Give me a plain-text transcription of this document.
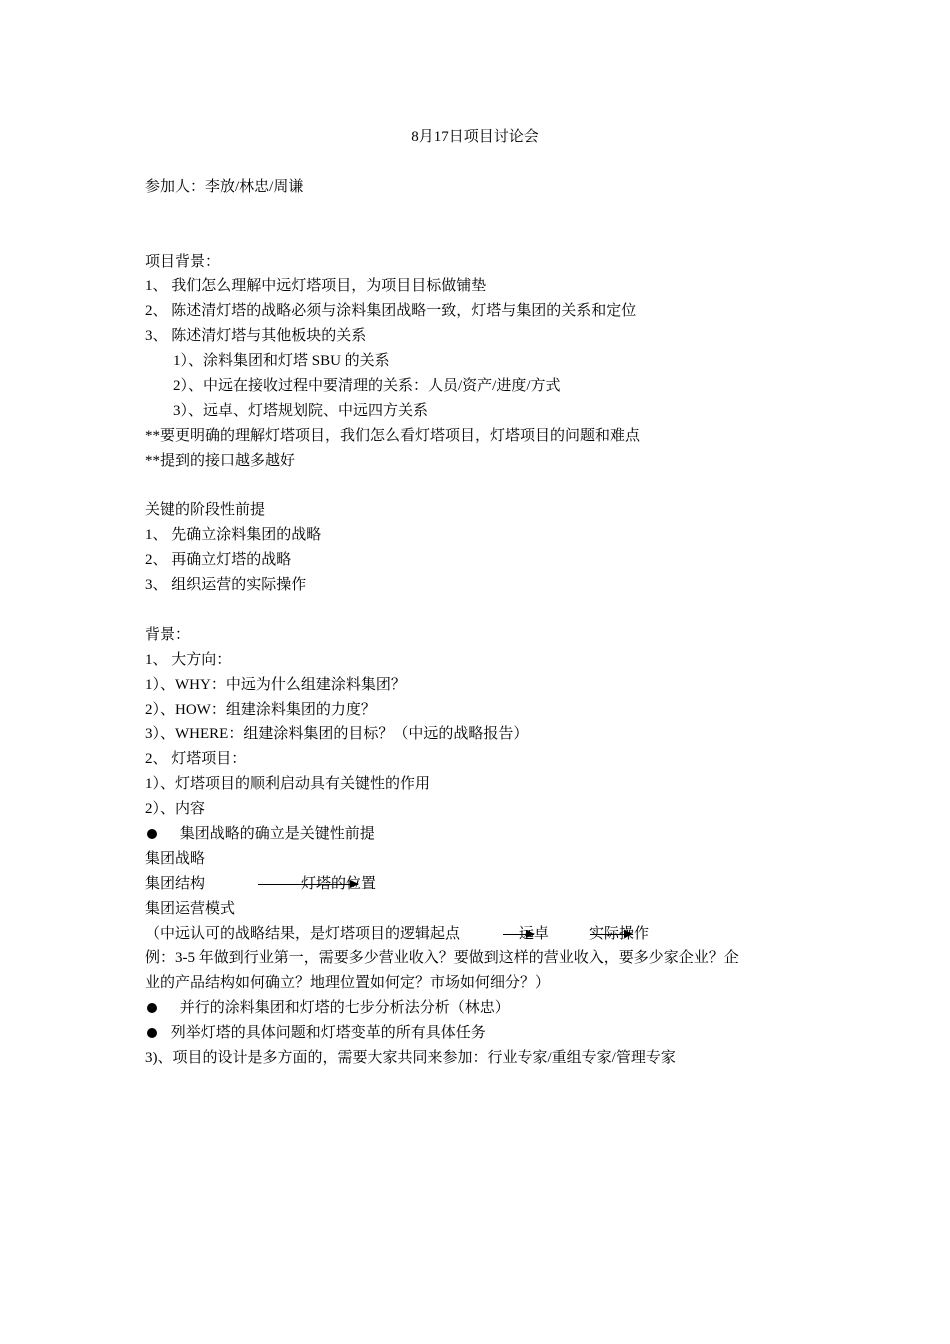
8月17日项目讨论会
参加人：李放/林忠/周谦
项目背景：
1、 我们怎么理解中远灯塔项目，为项目目标做铺垫
2、 陈述清灯塔的战略必须与涂料集团战略一致，灯塔与集团的关系和定位
3、 陈述清灯塔与其他板块的关系
1）、涂料集团和灯塔 SBU 的关系
2）、中远在接收过程中要清理的关系：人员/资产/进度/方式
3）、远卓、灯塔规划院、中远四方关系
**要更明确的理解灯塔项目，我们怎么看灯塔项目，灯塔项目的问题和难点
**提到的接口越多越好
关键的阶段性前提
1、 先确立涂料集团的战略
2、 再确立灯塔的战略
3、 组织运营的实际操作
背景：
1、 大方向：
1）、WHY：中远为什么组建涂料集团？
2）、HOW：组建涂料集团的力度？
3）、WHERE：组建涂料集团的目标？（中远的战略报告）
2、 灯塔项目：
1）、灯塔项目的顺利启动具有关键性的作用
2）、内容
集团战略的确立是关键性前提
集团战略
集团结构	灯塔的位置
集团运营模式
（中远认可的战略结果，是灯塔项目的逻辑起点	远卓	实际操作
例：3-5 年做到行业第一，需要多少营业收入？要做到这样的营业收入，要多少家企业？企
业的产品结构如何确立？地理位置如何定？市场如何细分？）
并行的涂料集团和灯塔的七步分析法分析（林忠）
列举灯塔的具体问题和灯塔变革的所有具体任务
3)、项目的设计是多方面的，需要大家共同来参加：行业专家/重组专家/管理专家
